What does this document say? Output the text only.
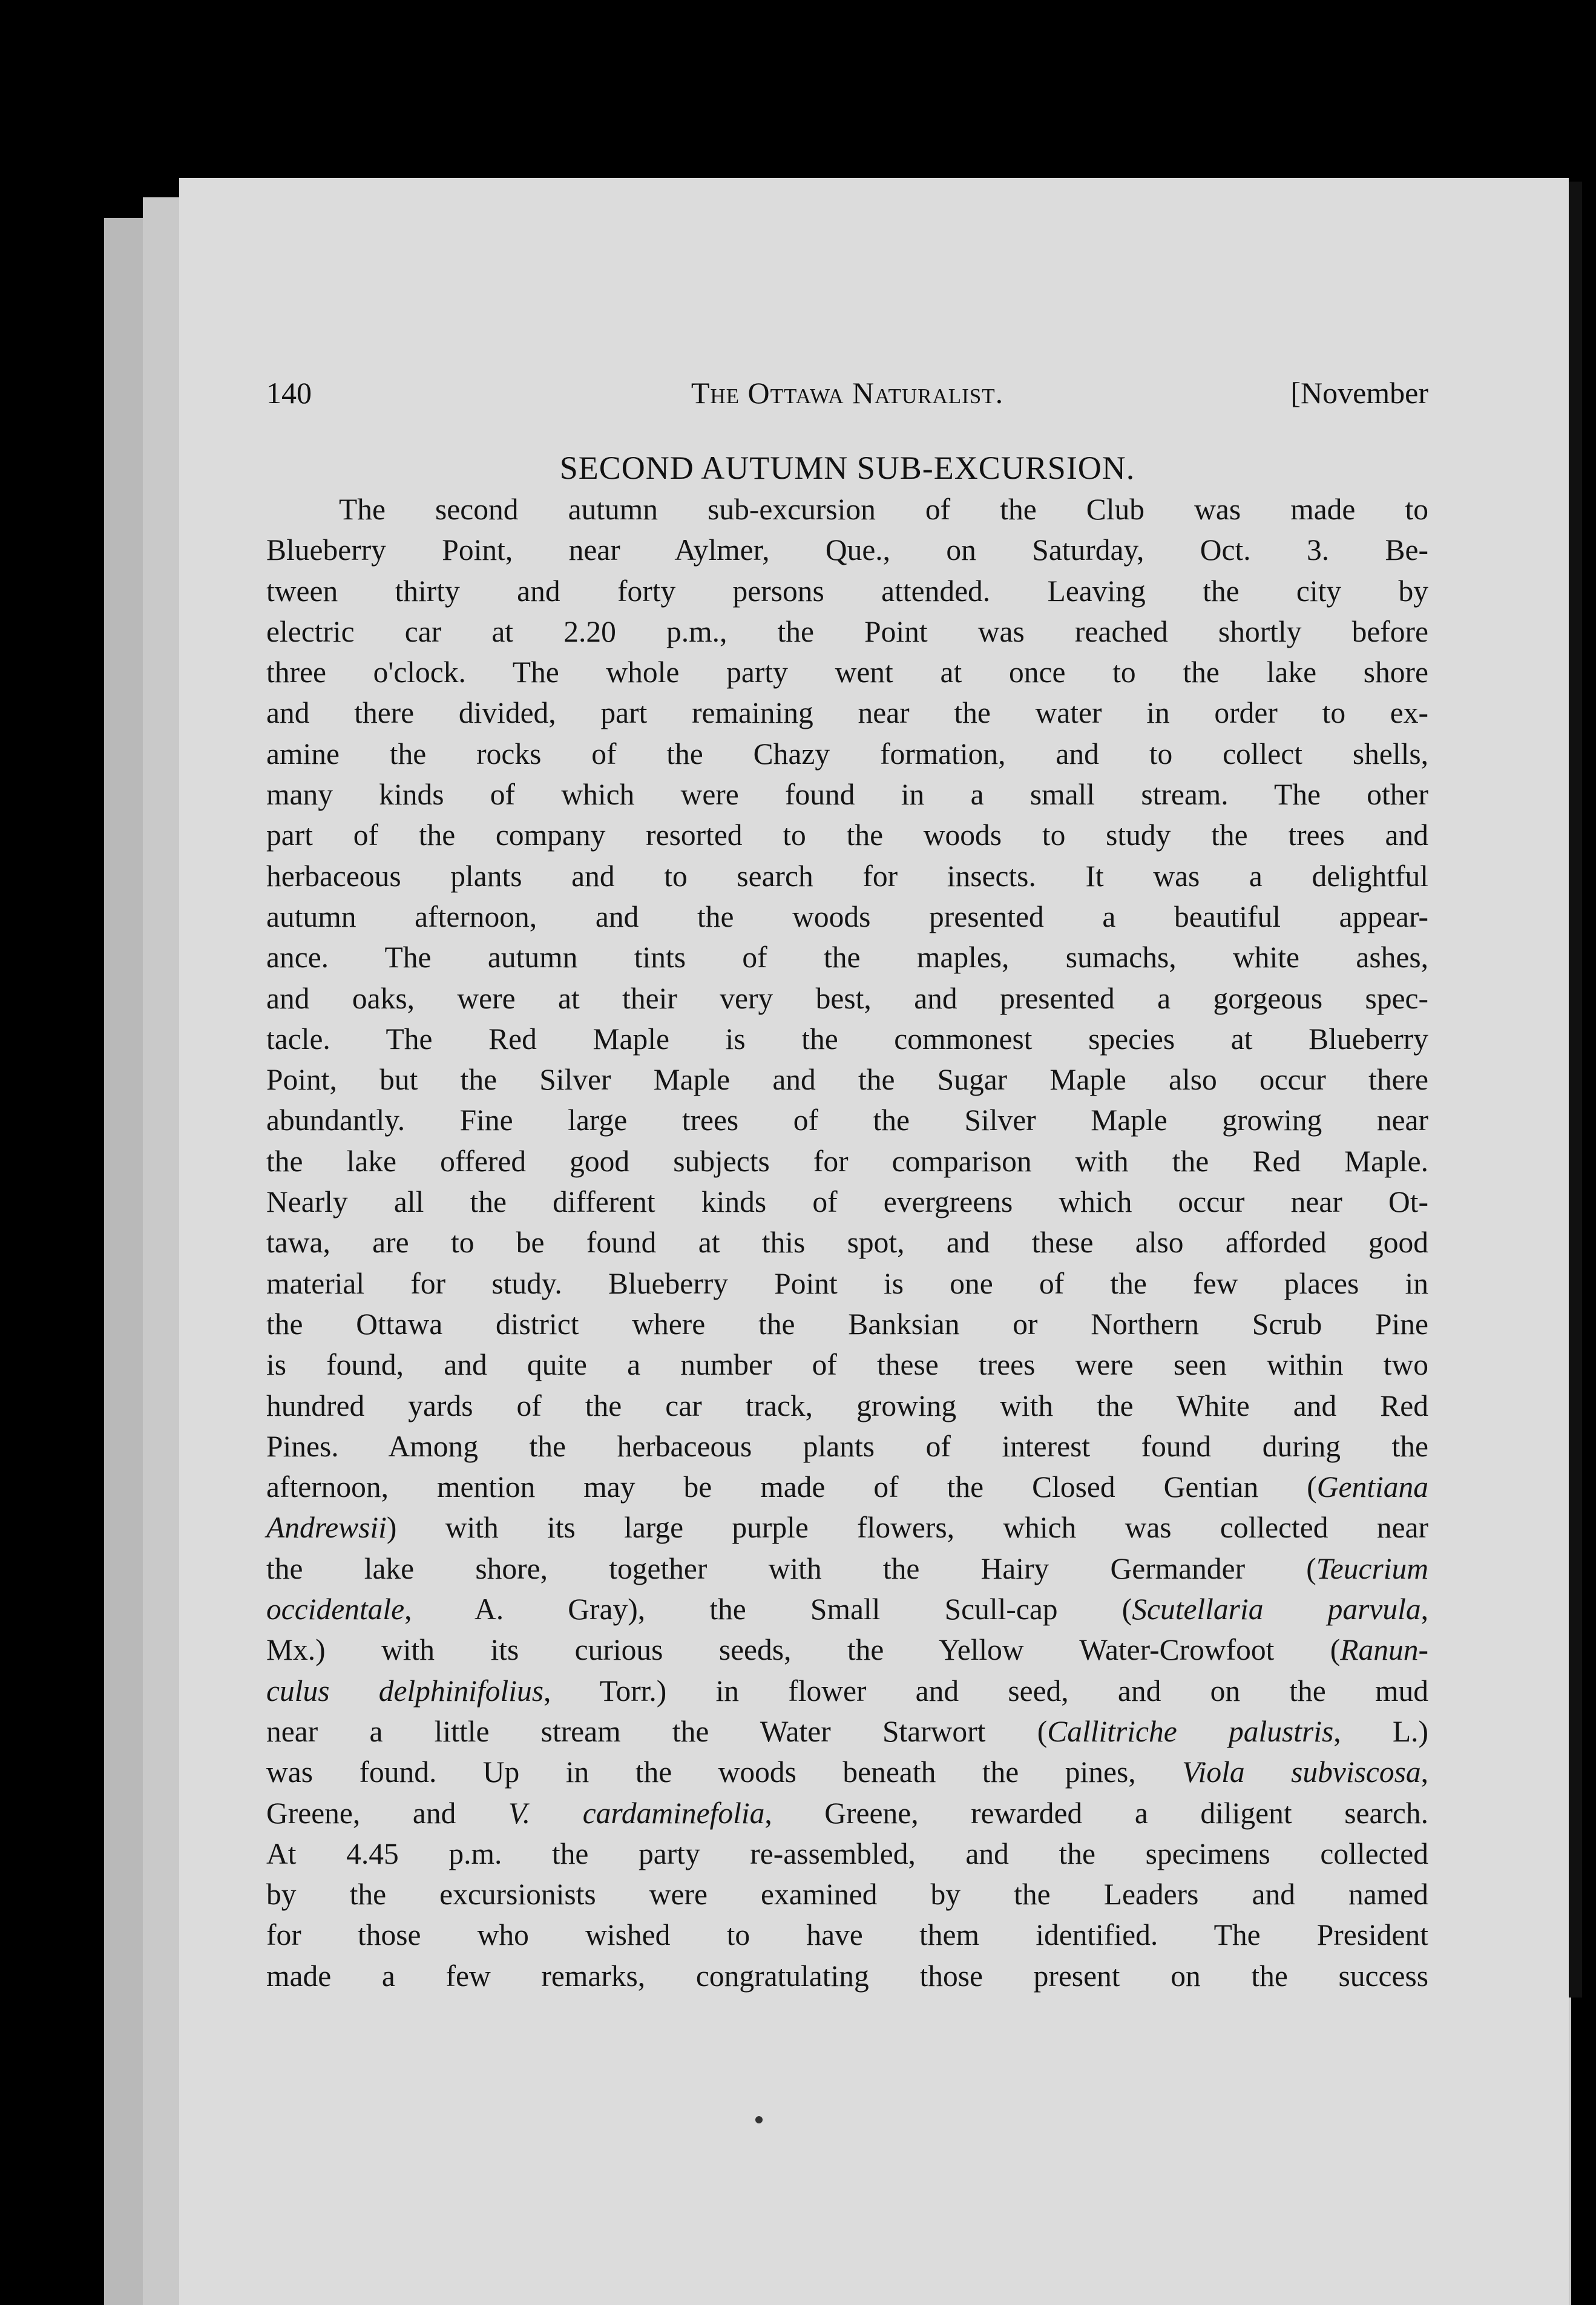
140	The Ottawa Naturalist.	[November
SECOND AUTUMN SUB-EXCURSION.
The second autumn sub-excursion of the Club was made to
Blueberry Point, near Aylmer, Que., on Saturday, Oct. 3. Be-
tween thirty and forty persons attended. Leaving the city by
electric car at 2.20 p.m., the Point was reached shortly before
three o'clock. The whole party went at once to the lake shore
and there divided, part remaining near the water in order to ex-
amine the rocks of the Chazy formation, and to collect shells,
many kinds of which were found in a small stream. The other
part of the company resorted to the woods to study the trees and
herbaceous plants and to search for insects. It was a delightful
autumn afternoon, and the woods presented a beautiful appear-
ance. The autumn tints of the maples, sumachs, white ashes,
and oaks, were at their very best, and presented a gorgeous spec-
tacle. The Red Maple is the commonest species at Blueberry
Point, but the Silver Maple and the Sugar Maple also occur there
abundantly. Fine large trees of the Silver Maple growing near
the lake offered good subjects for comparison with the Red Maple.
Nearly all the different kinds of evergreens which occur near Ot-
tawa, are to be found at this spot, and these also afforded good
material for study. Blueberry Point is one of the few places in
the Ottawa district where the Banksian or Northern Scrub Pine
is found, and quite a number of these trees were seen within two
hundred yards of the car track, growing with the White and Red
Pines. Among the herbaceous plants of interest found during the
afternoon, mention may be made of the Closed Gentian (Gentiana
Andrewsii) with its large purple flowers, which was collected near
the lake shore, together with the Hairy Germander (Teucrium
occidentale, A. Gray), the Small Scull-cap (Scutellaria parvula,
Mx.) with its curious seeds, the Yellow Water-Crowfoot (Ranun-
culus delphinifolius, Torr.) in flower and seed, and on the mud
near a little stream the Water Starwort (Callitriche palustris, L.)
was found. Up in the woods beneath the pines, Viola subviscosa,
Greene, and V. cardaminefolia, Greene, rewarded a diligent search.
At 4.45 p.m. the party re-assembled, and the specimens collected
by the excursionists were examined by the Leaders and named
for those who wished to have them identified. The President
made a few remarks, congratulating those present on the success
